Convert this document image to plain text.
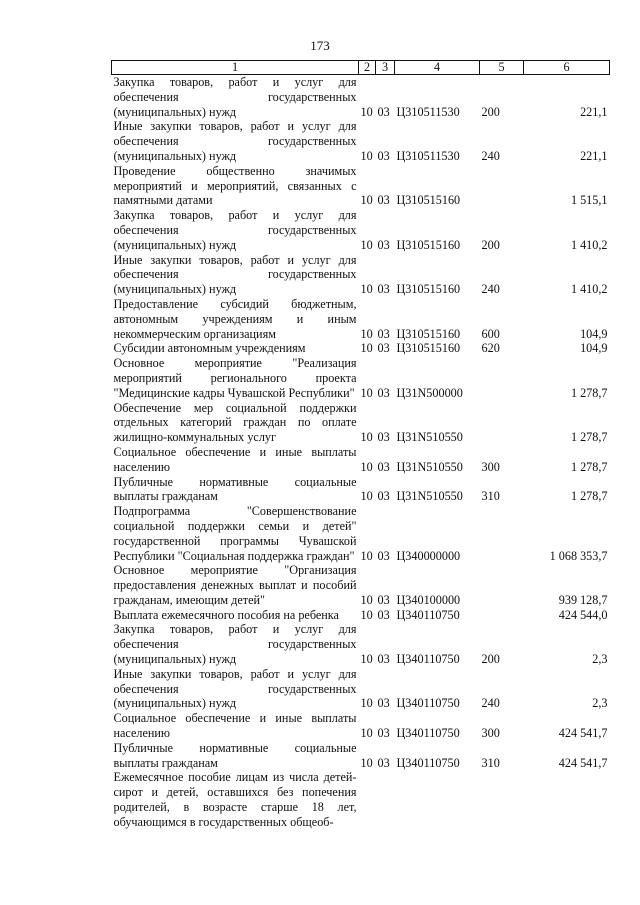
173
1	2	3	4	5	6
Закупка товаров, работ и услуг для обеспечения государственных (муниципальных) нужд	10	03	Ц310511530	200	221,1
Иные закупки товаров, работ и услуг для обеспечения государственных (муниципальных) нужд	10	03	Ц310511530	240	221,1
Проведение общественно значимых мероприятий и мероприятий, связанных с памятными датами	10	03	Ц310515160		1 515,1
Закупка товаров, работ и услуг для обеспечения государственных (муниципальных) нужд	10	03	Ц310515160	200	1 410,2
Иные закупки товаров, работ и услуг для обеспечения государственных (муниципальных) нужд	10	03	Ц310515160	240	1 410,2
Предоставление субсидий бюджетным, автономным учреждениям и иным некоммерческим организациям	10	03	Ц310515160	600	104,9
Субсидии автономным учреждениям	10	03	Ц310515160	620	104,9
Основное мероприятие "Реализация мероприятий регионального проекта "Медицинские кадры Чувашской Республики"	10	03	Ц31N500000		1 278,7
Обеспечение мер социальной поддержки отдельных категорий граждан по оплате жилищно-коммунальных услуг	10	03	Ц31N510550		1 278,7
Социальное обеспечение и иные выплаты населению	10	03	Ц31N510550	300	1 278,7
Публичные нормативные социальные выплаты гражданам	10	03	Ц31N510550	310	1 278,7
Подпрограмма "Совершенствование социальной поддержки семьи и детей" государственной программы Чувашской Республики "Социальная поддержка граждан"	10	03	Ц340000000		1 068 353,7
Основное мероприятие "Организация предоставления денежных выплат и пособий гражданам, имеющим детей"	10	03	Ц340100000		939 128,7
Выплата ежемесячного пособия на ребенка	10	03	Ц340110750		424 544,0
Закупка товаров, работ и услуг для обеспечения государственных (муниципальных) нужд	10	03	Ц340110750	200	2,3
Иные закупки товаров, работ и услуг для обеспечения государственных (муниципальных) нужд	10	03	Ц340110750	240	2,3
Социальное обеспечение и иные выплаты населению	10	03	Ц340110750	300	424 541,7
Публичные нормативные социальные выплаты гражданам	10	03	Ц340110750	310	424 541,7
Ежемесячное пособие лицам из числа детей-сирот и детей, оставшихся без попечения родителей, в возрасте старше 18 лет, обучающимся в государственных общеоб-					
